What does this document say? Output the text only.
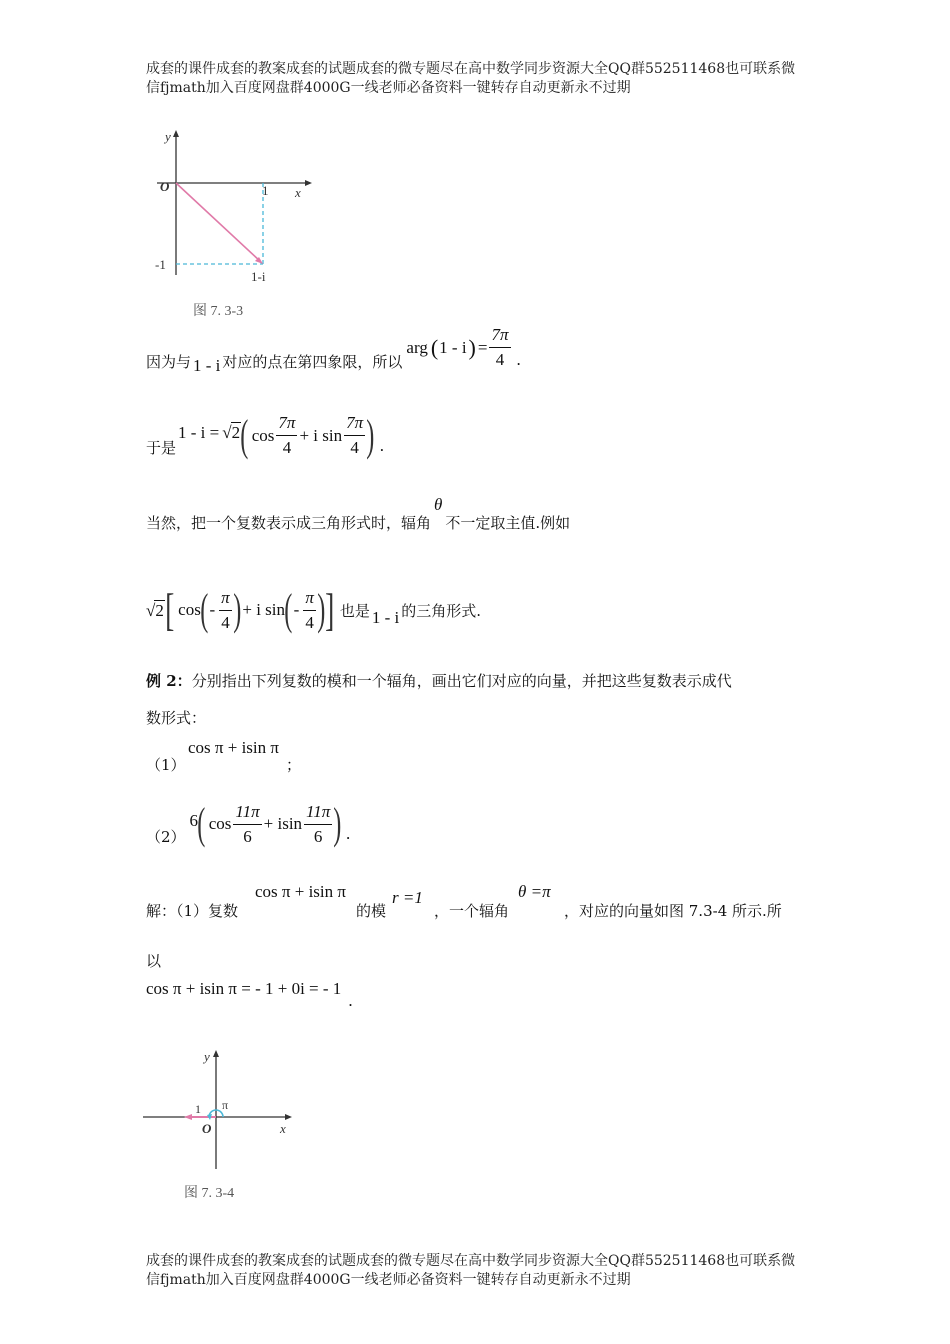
成套的课件成套的教案成套的试题成套的微专题尽在高中数学同步资源大全QQ群552511468也可联系微
信fjmath加入百度网盘群4000G一线老师必备资料一键转存自动更新永不过期
y
x
O	1
-1
1-i
图 7. 3-3
因为与 1 - i 对应的点在第四象限，所以
arg ( 1 - i ) = $\frac{7\pi}{4}$ .
于是
1 - i = √2 ( $\cos \frac{7\pi}{4} + i$ $\sin \frac{7\pi}{4}$ ) .
当然，把一个复数表示成三角形式时，辐角θ不一定取主值.例如
√2 [ cos ( - $\frac{\pi}{4}$ ) + i sin ( - $\frac{\pi}{4}$ ) ] 也是 1 - i 的三角形式.
例 2：分别指出下列复数的模和一个辐角，画出它们对应的向量，并把这些复数表示成代
数形式：
（1）
cos π + isin π
；
（2）
6 ( $\cos \frac{11\pi}{6} + isin \frac{11\pi}{6}$ ) .
解：（1）复数
cos π + isin π
的模
r =1
，一个辐角
θ =π
，对应的向量如图 7.3-4 所示.所
以
cos π + isin π = - 1 + 0i = - 1 .
y
x
O
1 π
图 7. 3-4
成套的课件成套的教案成套的试题成套的微专题尽在高中数学同步资源大全QQ群552511468也可联系微
信fjmath加入百度网盘群4000G一线老师必备资料一键转存自动更新永不过期
